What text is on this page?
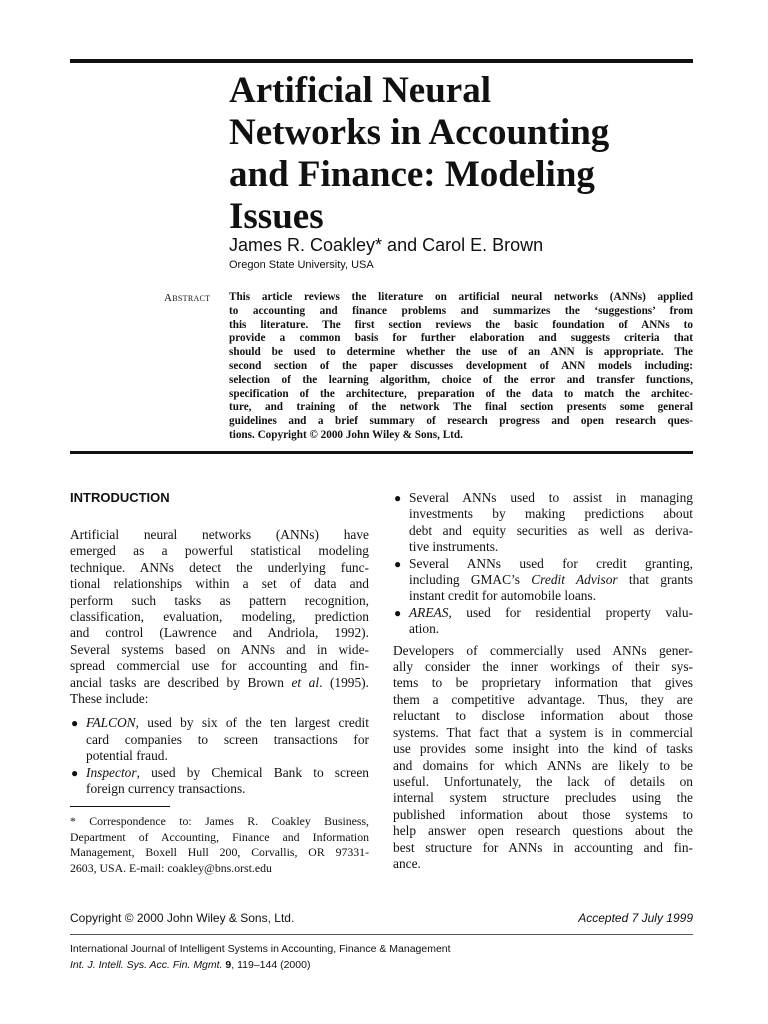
Artificial Neural
Networks in Accounting
and Finance: Modeling
Issues
James R. Coakley* and Carol E. Brown
Oregon State University, USA
Abstract This article reviews the literature on artificial neural networks (ANNs) applied
to accounting and finance problems and summarizes the ‘suggestions’ from
this literature. The first section reviews the basic foundation of ANNs to
provide a common basis for further elaboration and suggests criteria that
should be used to determine whether the use of an ANN is appropriate. The
second section of the paper discusses development of ANN models including:
selection of the learning algorithm, choice of the error and transfer functions,
specification of the architecture, preparation of the data to match the architec-
ture, and training of the network The final section presents some general
guidelines and a brief summary of research progress and open research ques-
tions. Copyright © 2000 John Wiley & Sons, Ltd.
INTRODUCTION
Artificial neural networks (ANNs) have
emerged as a powerful statistical modeling
technique. ANNs detect the underlying func-
tional relationships within a set of data and
perform such tasks as pattern recognition,
classification, evaluation, modeling, prediction
and control (Lawrence and Andriola, 1992).
Several systems based on ANNs and in wide-
spread commercial use for accounting and fin-
ancial tasks are described by Brown et al. (1995).
These include:
● FALCON, used by six of the ten largest credit
card companies to screen transactions for
potential fraud.
● Inspector, used by Chemical Bank to screen
foreign currency transactions.
* Correspondence to: James R. Coakley Business,
Department of Accounting, Finance and Information
Management, Boxell Hull 200, Corvallis, OR 97331-
2603, USA. E-mail: coakley@bns.orst.edu
● Several ANNs used to assist in managing
investments by making predictions about
debt and equity securities as well as deriva-
tive instruments.
● Several ANNs used for credit granting,
including GMAC’s Credit Advisor that grants
instant credit for automobile loans.
● AREAS, used for residential property valu-
ation.
Developers of commercially used ANNs gener-
ally consider the inner workings of their sys-
tems to be proprietary information that gives
them a competitive advantage. Thus, they are
reluctant to disclose information about those
systems. That fact that a system is in commercial
use provides some insight into the kind of tasks
and domains for which ANNs are likely to be
useful. Unfortunately, the lack of details on
internal system structure precludes using the
published information about those systems to
help answer open research questions about the
best structure for ANNs in accounting and fin-
ance.
Copyright © 2000 John Wiley & Sons, Ltd.	Accepted 7 July 1999
International Journal of Intelligent Systems in Accounting, Finance & Management
Int. J. Intell. Sys. Acc. Fin. Mgmt. 9, 119–144 (2000)
